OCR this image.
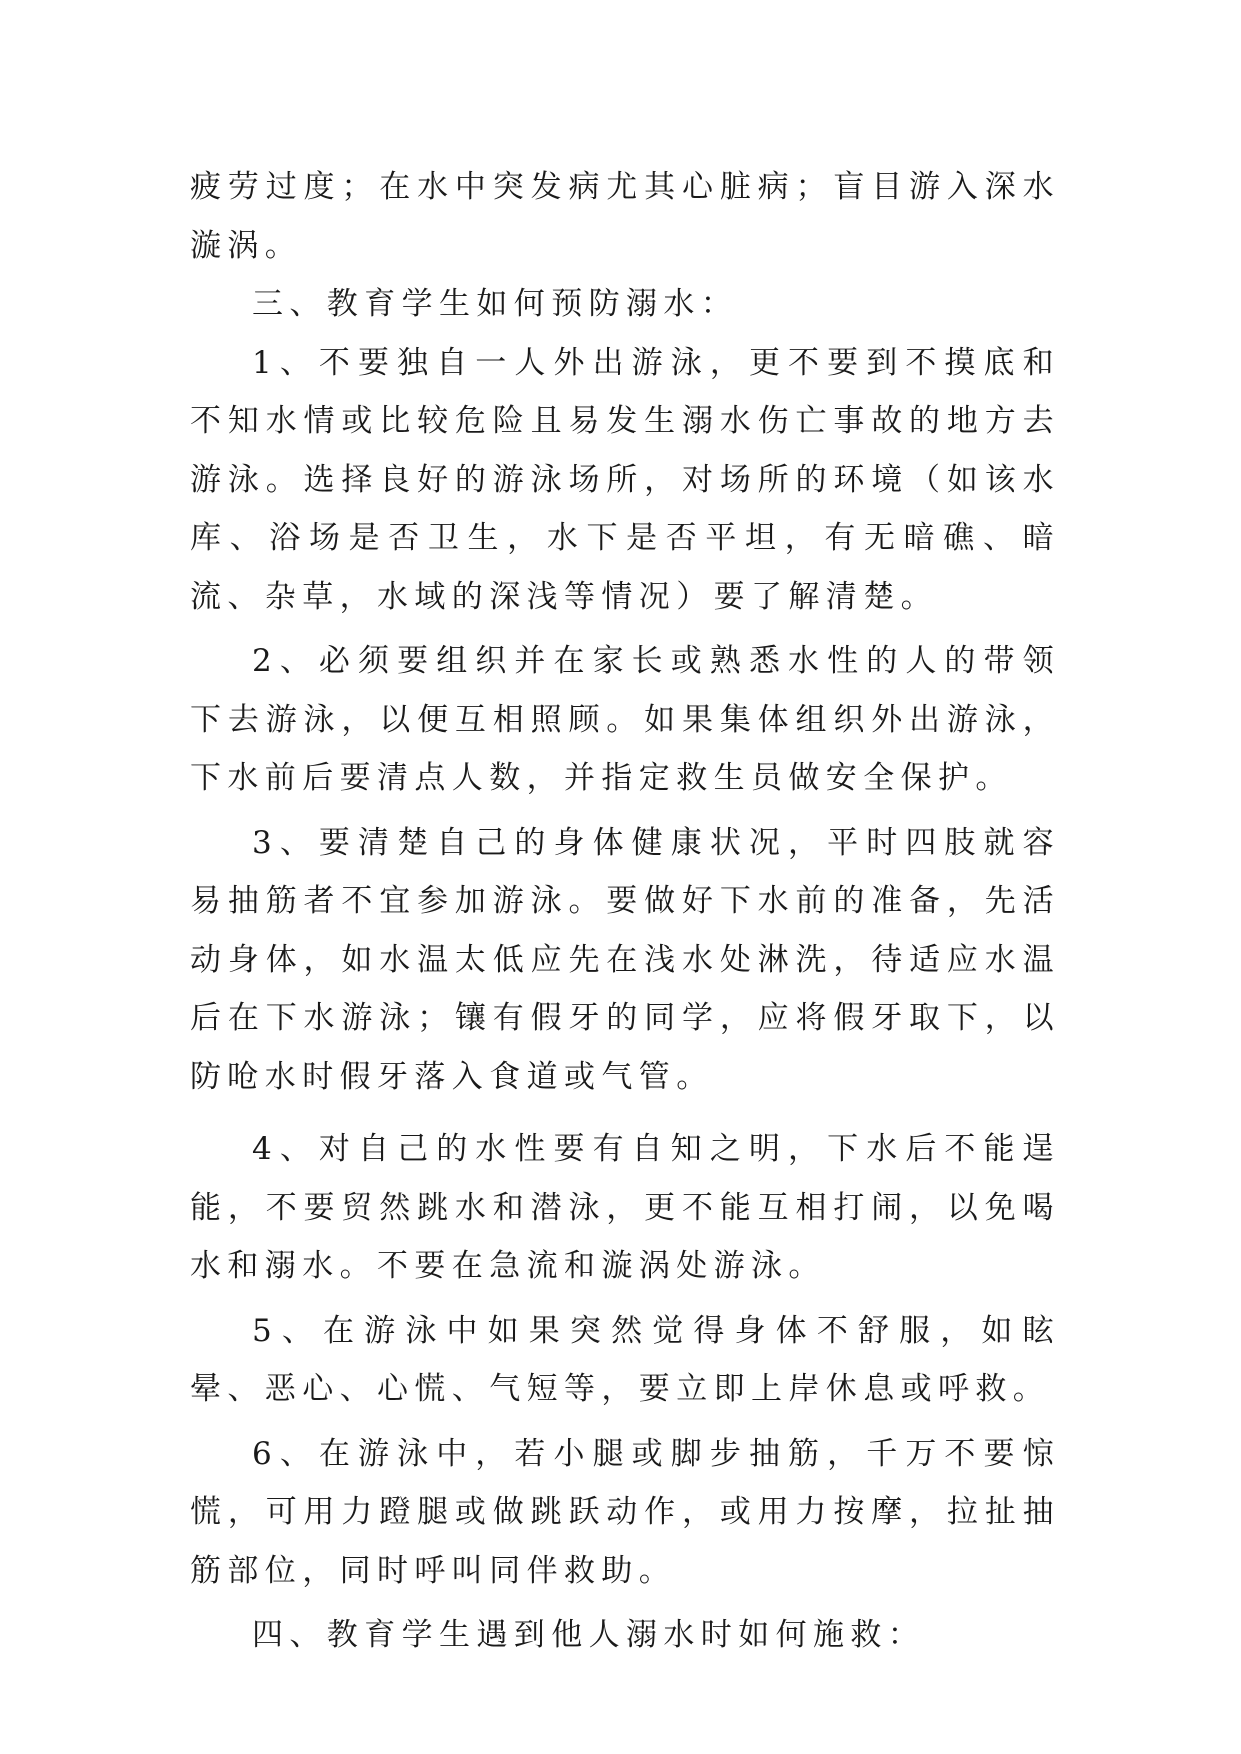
疲劳过度；在水中突发病尤其心脏病；盲目游入深水漩涡。

三、教育学生如何预防溺水：

1、不要独自一人外出游泳，更不要到不摸底和不知水情或比较危险且易发生溺水伤亡事故的地方去游泳。选择良好的游泳场所，对场所的环境（如该水库、浴场是否卫生，水下是否平坦，有无暗礁、暗流、杂草，水域的深浅等情况）要了解清楚。

2、必须要组织并在家长或熟悉水性的人的带领下去游泳，以便互相照顾。如果集体组织外出游泳，下水前后要清点人数，并指定救生员做安全保护。

3、要清楚自己的身体健康状况，平时四肢就容易抽筋者不宜参加游泳。要做好下水前的准备，先活动身体，如水温太低应先在浅水处淋洗，待适应水温后在下水游泳；镶有假牙的同学，应将假牙取下，以防呛水时假牙落入食道或气管。

4、对自己的水性要有自知之明，下水后不能逞能，不要贸然跳水和潜泳，更不能互相打闹，以免喝水和溺水。不要在急流和漩涡处游泳。

5、在游泳中如果突然觉得身体不舒服，如眩晕、恶心、心慌、气短等，要立即上岸休息或呼救。

6、在游泳中，若小腿或脚步抽筋，千万不要惊慌，可用力蹬腿或做跳跃动作，或用力按摩，拉扯抽筋部位，同时呼叫同伴救助。

四、教育学生遇到他人溺水时如何施救：
